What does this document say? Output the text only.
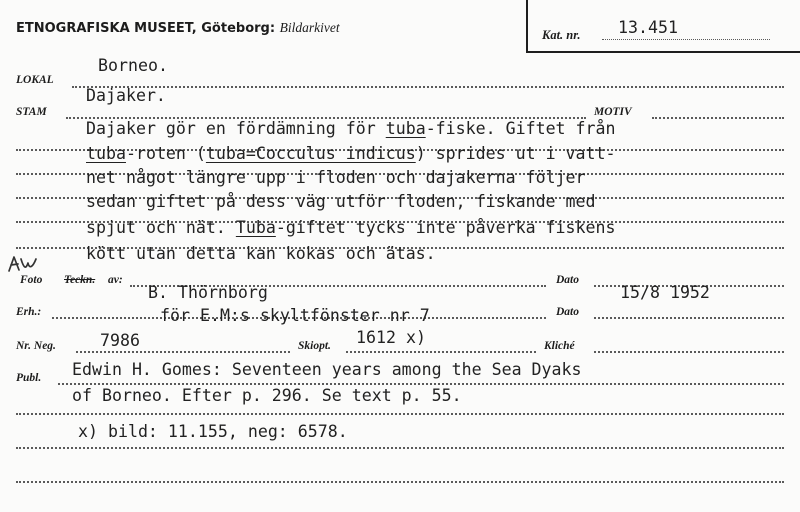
ETNOGRAFISKA MUSEET, Göteborg: Bildarkivet	Kat. nr. 13.451
LOKAL
Borneo.
STAM	MOTIV
Dajaker.
Dajaker gör en fördämning för tuba-fiske. Giftet från
tuba-roten (tuba=Cocculus indicus) sprides ut i vatt-
net något längre upp i floden och dajakerna följer
sedan giftet på dess väg utför floden, fiskande med
spjut och nät. Tuba-giftet tycks inte påverka fiskens
kött utan detta kan kokas och ätas.
Foto Teckn. av:	Dato
B. Thörnborg	15/8 1952
Erh.:	Dato
för E.M:s skyltfönster nr 7
Nr. Neg.	Skiopt.	Kliché
7986	1612 x)
Publ. Edwin H. Gomes: Seventeen years among the Sea Dyaks
of Borneo. Efter p. 296. Se text p. 55.
x) bild: 11.155, neg: 6578.
